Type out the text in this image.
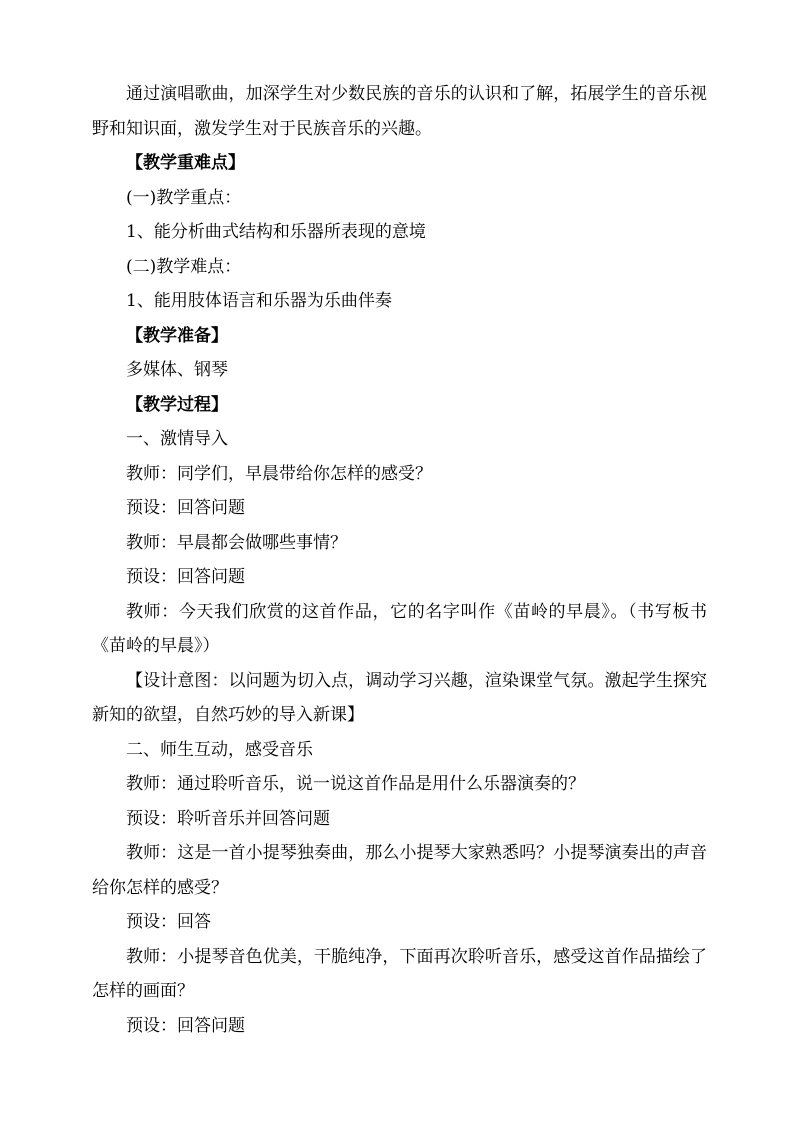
通过演唱歌曲，加深学生对少数民族的音乐的认识和了解，拓展学生的音乐视野和知识面，激发学生对于民族音乐的兴趣。

【教学重难点】

(一)教学重点：

1、能分析曲式结构和乐器所表现的意境

(二)教学难点：

1、能用肢体语言和乐器为乐曲伴奏

【教学准备】

多媒体、钢琴

【教学过程】

一、激情导入

教师：同学们，早晨带给你怎样的感受？

预设：回答问题

教师：早晨都会做哪些事情？

预设：回答问题

教师：今天我们欣赏的这首作品，它的名字叫作《苗岭的早晨》。（书写板书《苗岭的早晨》）

【设计意图：以问题为切入点，调动学习兴趣，渲染课堂气氛。激起学生探究新知的欲望，自然巧妙的导入新课】

二、师生互动，感受音乐

教师：通过聆听音乐，说一说这首作品是用什么乐器演奏的？

预设：聆听音乐并回答问题

教师：这是一首小提琴独奏曲，那么小提琴大家熟悉吗？小提琴演奏出的声音给你怎样的感受？

预设：回答

教师：小提琴音色优美，干脆纯净，下面再次聆听音乐，感受这首作品描绘了怎样的画面？

预设：回答问题
